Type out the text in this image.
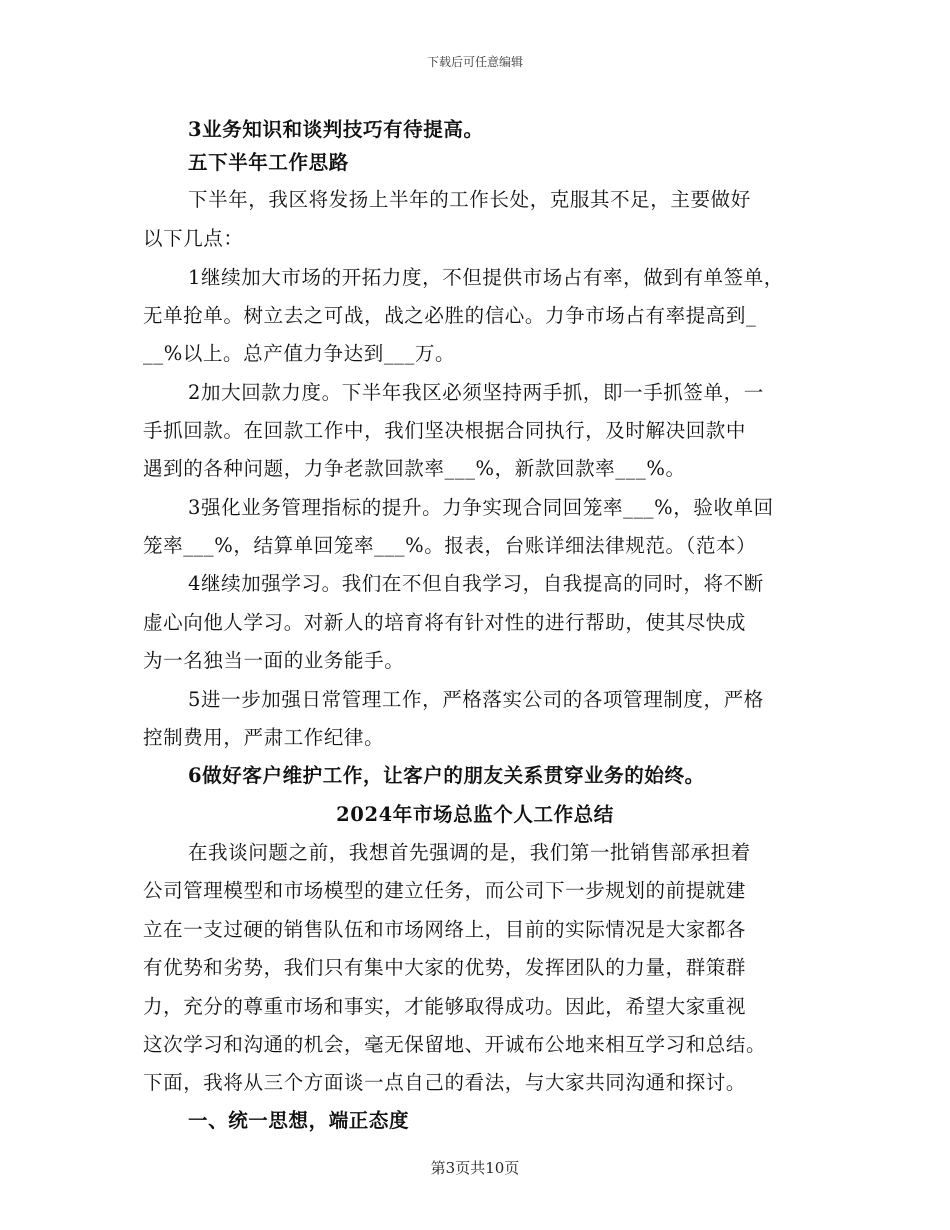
下载后可任意编辑
3业务知识和谈判技巧有待提高。
五下半年工作思路
下半年，我区将发扬上半年的工作长处，克服其不足，主要做好
以下几点：
1继续加大市场的开拓力度，不但提供市场占有率，做到有单签单，
无单抢单。树立去之可战，战之必胜的信心。力争市场占有率提高到_
__%以上。总产值力争达到___万。
2加大回款力度。下半年我区必须坚持两手抓，即一手抓签单，一
手抓回款。在回款工作中，我们坚决根据合同执行，及时解决回款中
遇到的各种问题，力争老款回款率___%，新款回款率___%。
3强化业务管理指标的提升。力争实现合同回笼率___%，验收单回
笼率___%，结算单回笼率___%。报表，台账详细法律规范。（范本）
4继续加强学习。我们在不但自我学习，自我提高的同时，将不断
虚心向他人学习。对新人的培育将有针对性的进行帮助，使其尽快成
为一名独当一面的业务能手。
5进一步加强日常管理工作，严格落实公司的各项管理制度，严格
控制费用，严肃工作纪律。
6做好客户维护工作，让客户的朋友关系贯穿业务的始终。
2024年市场总监个人工作总结
在我谈问题之前，我想首先强调的是，我们第一批销售部承担着
公司管理模型和市场模型的建立任务，而公司下一步规划的前提就建
立在一支过硬的销售队伍和市场网络上，目前的实际情况是大家都各
有优势和劣势，我们只有集中大家的优势，发挥团队的力量，群策群
力，充分的尊重市场和事实，才能够取得成功。因此，希望大家重视
这次学习和沟通的机会，毫无保留地、开诚布公地来相互学习和总结。
下面，我将从三个方面谈一点自己的看法，与大家共同沟通和探讨。
一、统一思想，端正态度
第3页共10页
